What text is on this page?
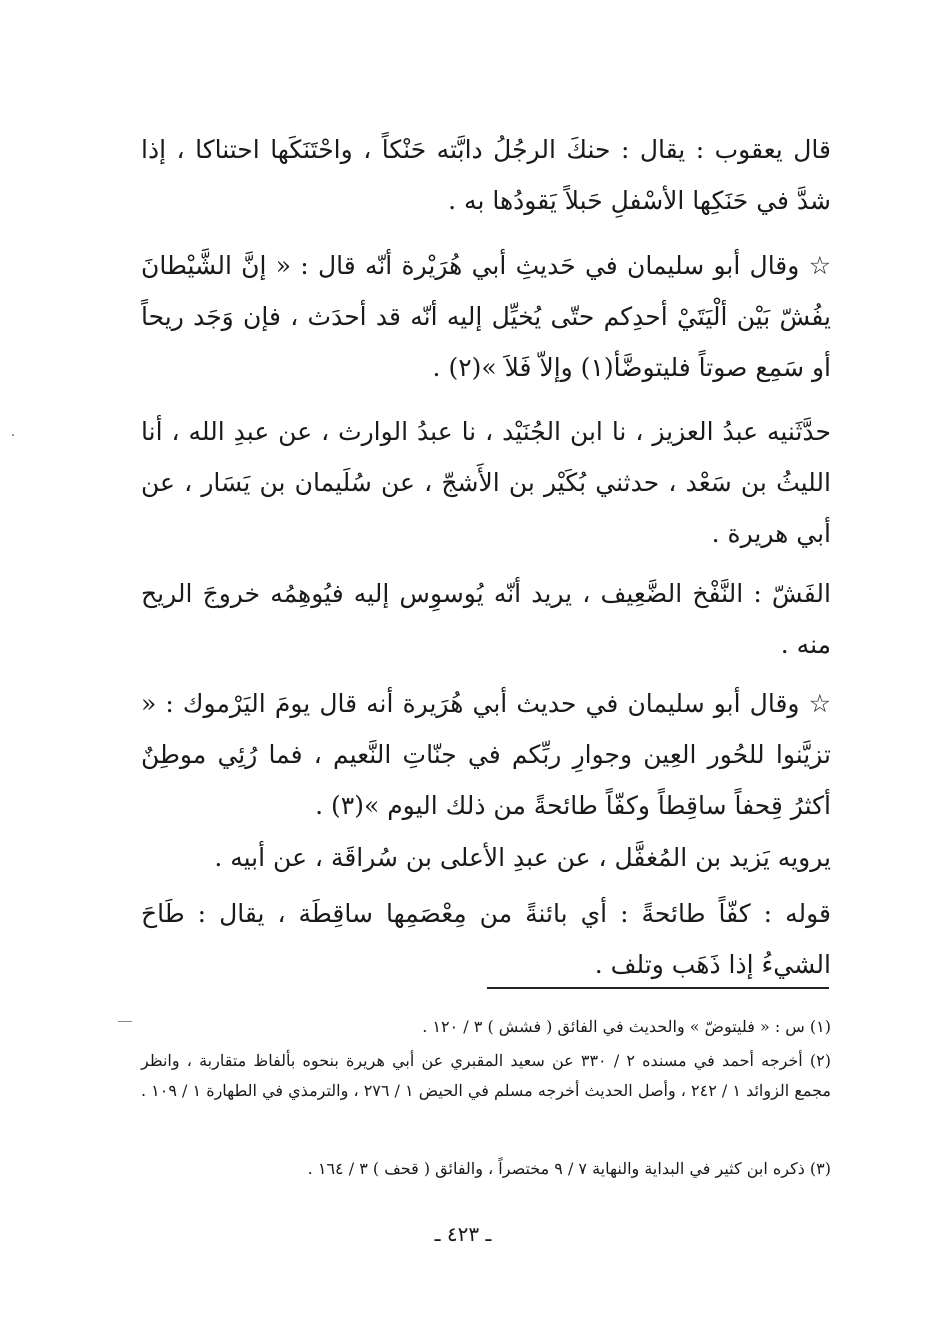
قال يعقوب : يقال : حنكَ الرجُلُ دابَّته حَنْكاً ، واحْتَنَكَها احتناكا ، إذا شدَّ في حَنَكِها الأسْفلِ حَبلاً يَقودُها به .

☆ وقال أبو سليمان في حَديثِ أبي هُرَيْرة أنّه قال : « إنَّ الشَّيْطانَ يفُشّ بَيْن ألْيَتَيْ أحدِكم حتّى يُخيِّل إليه أنّه قد أحدَث ، فإن وَجَد ريحاً أو سَمِع صوتاً فليتوضَّأ(١) وإلاّ فَلاَ »(٢) .

حدَّثَنيه عبدُ العزيز ، نا ابن الجُنَيْد ، نا عبدُ الوارث ، عن عبدِ الله ، أنا الليثُ بن سَعْد ، حدثني بُكَيْر بن الأَشجّ ، عن سُلَيمان بن يَسَار ، عن أبي هريرة .

الفَشّ : النَّفْخ الضَّعِيف ، يريد أنّه يُوسوِس إليه فيُوهِمُه خروجَ الريح منه .

☆ وقال أبو سليمان في حديث أبي هُرَيرة أنه قال يومَ اليَرْموك : « تزيَّنوا للحُور العِين وجوارِ ربِّكم في جنّاتِ النَّعيم ، فما رُئِي موطِنٌ أكثرُ قِحفاً ساقِطاً وكفّاً طائحةً من ذلك اليوم »(٣) .

يرويه يَزيد بن المُغفَّل ، عن عبدِ الأعلى بن سُراقَة ، عن أبيه .

قوله : كفّاً طائحةً : أي بائنةً من مِعْصَمِها ساقِطَة ، يقال : طَاحَ الشيءُ إذا ذَهَب وتلف .

(١) س : « فليتوضّ » والحديث في الفائق ( فشش ) ٣ / ١٢٠ .

(٢) أخرجه أحمد في مسنده ٢ / ٣٣٠ عن سعيد المقبري عن أبي هريرة بنحوه بألفاظ متقاربة ، وانظر مجمع الزوائد ١ / ٢٤٢ ، وأصل الحديث أخرجه مسلم في الحيض ١ / ٢٧٦ ، والترمذي في الطهارة ١ / ١٠٩ .

(٣) ذكره ابن كثير في البداية والنهاية ٧ / ٩ مختصراً ، والفائق ( قحف ) ٣ / ١٦٤ .

ـ ٤٢٣ ـ
